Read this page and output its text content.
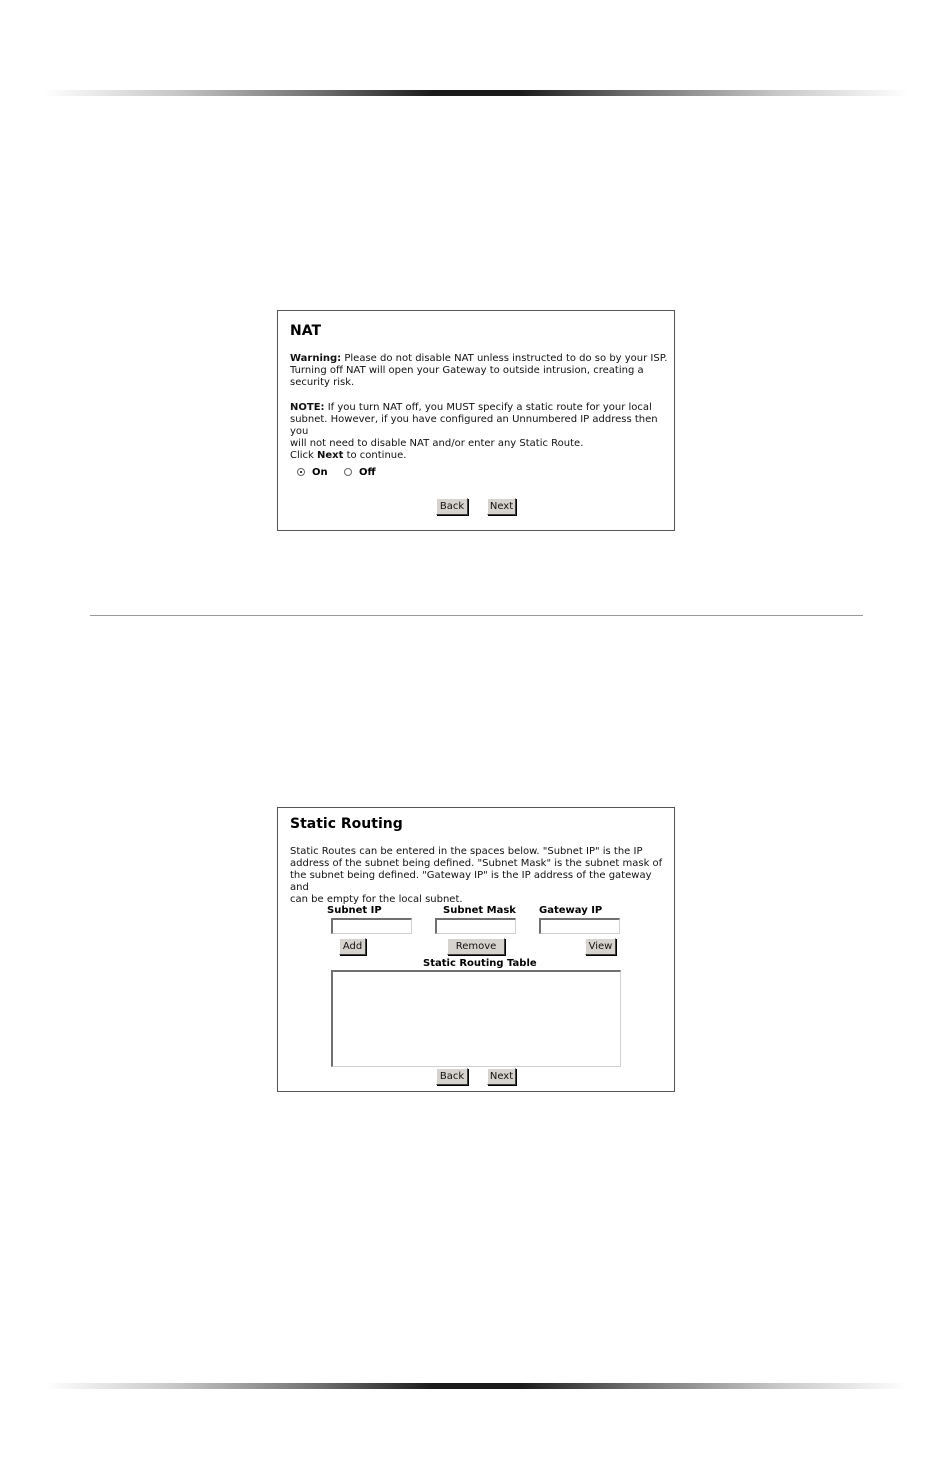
NAT
Warning: Please do not disable NAT unless instructed to do so by your ISP.
Turning off NAT will open your Gateway to outside intrusion, creating a
security risk.
NOTE: If you turn NAT off, you MUST specify a static route for your local
subnet. However, if you have configured an Unnumbered IP address then you
will not need to disable NAT and/or enter any Static Route.
Click Next to continue.
On	Off
Back	Next
Static Routing
Static Routes can be entered in the spaces below. "Subnet IP" is the IP
address of the subnet being defined. "Subnet Mask" is the subnet mask of
the subnet being defined. "Gateway IP" is the IP address of the gateway and
can be empty for the local subnet.
Subnet IP	Subnet Mask Gateway IP
Add	Remove	View
Static Routing Table
Back	Next
